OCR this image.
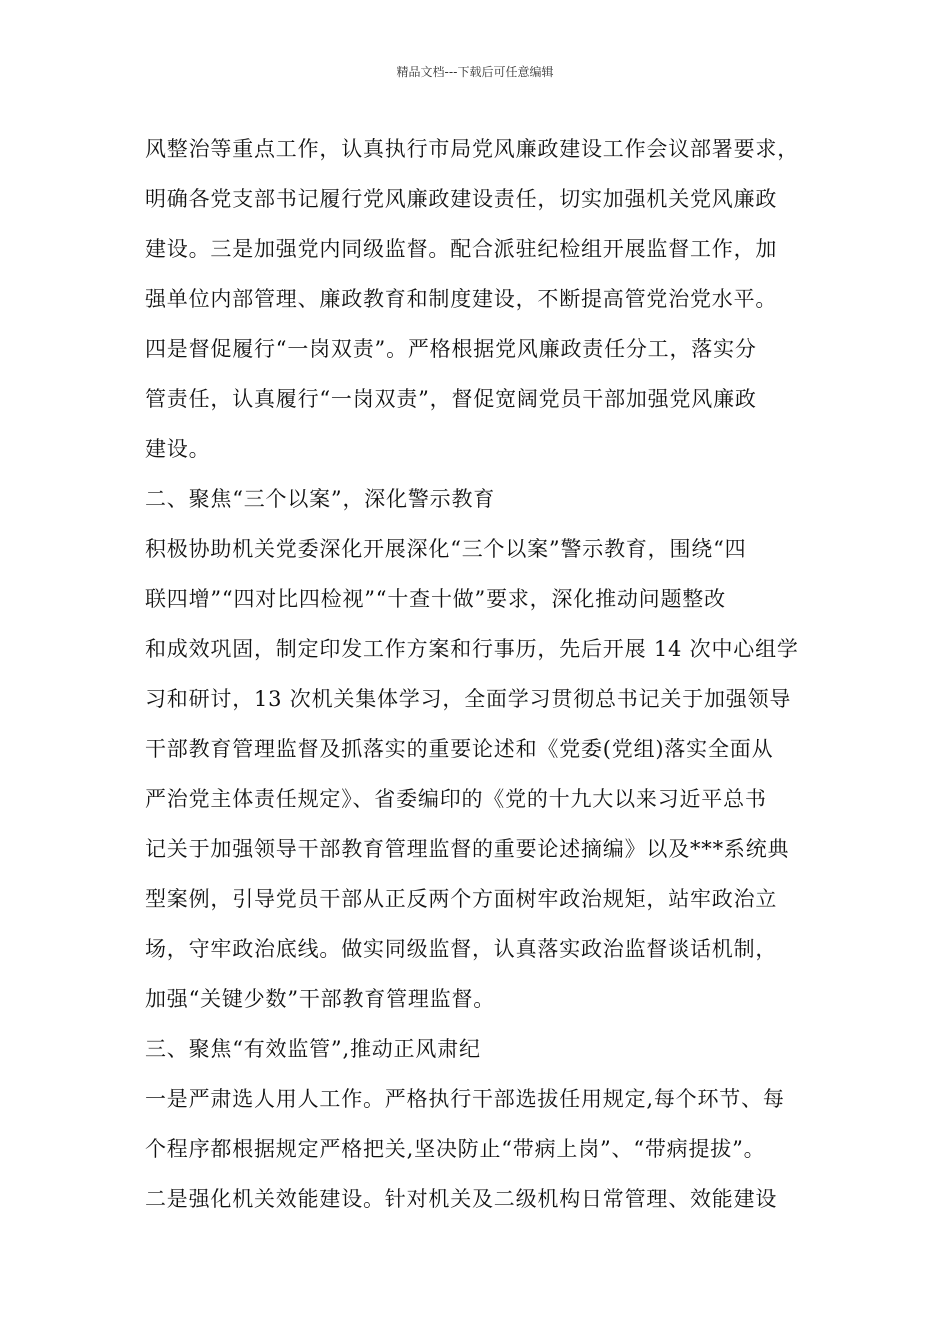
精品文档---下载后可任意编辑
风整治等重点工作，认真执行市局党风廉政建设工作会议部署要求，
明确各党支部书记履行党风廉政建设责任，切实加强机关党风廉政
建设。三是加强党内同级监督。配合派驻纪检组开展监督工作，加
强单位内部管理、廉政教育和制度建设，不断提高管党治党水平。
四是督促履行“一岗双责”。严格根据党风廉政责任分工，落实分
管责任，认真履行“一岗双责”，督促宽阔党员干部加强党风廉政
建设。
二、聚焦“三个以案”，深化警示教育
积极协助机关党委深化开展深化“三个以案”警示教育，围绕“四
联四增”“四对比四检视”“十查十做”要求，深化推动问题整改
和成效巩固，制定印发工作方案和行事历，先后开展 14 次中心组学
习和研讨，13 次机关集体学习，全面学习贯彻总书记关于加强领导
干部教育管理监督及抓落实的重要论述和《党委(党组)落实全面从
严治党主体责任规定》、省委编印的《党的十九大以来习近平总书
记关于加强领导干部教育管理监督的重要论述摘编》以及***系统典
型案例，引导党员干部从正反两个方面树牢政治规矩，站牢政治立
场，守牢政治底线。做实同级监督，认真落实政治监督谈话机制，
加强“关键少数”干部教育管理监督。
三、聚焦“有效监管”,推动正风肃纪
一是严肃选人用人工作。严格执行干部选拔任用规定,每个环节、每
个程序都根据规定严格把关,坚决防止“带病上岗”、“带病提拔”。
二是强化机关效能建设。针对机关及二级机构日常管理、效能建设
